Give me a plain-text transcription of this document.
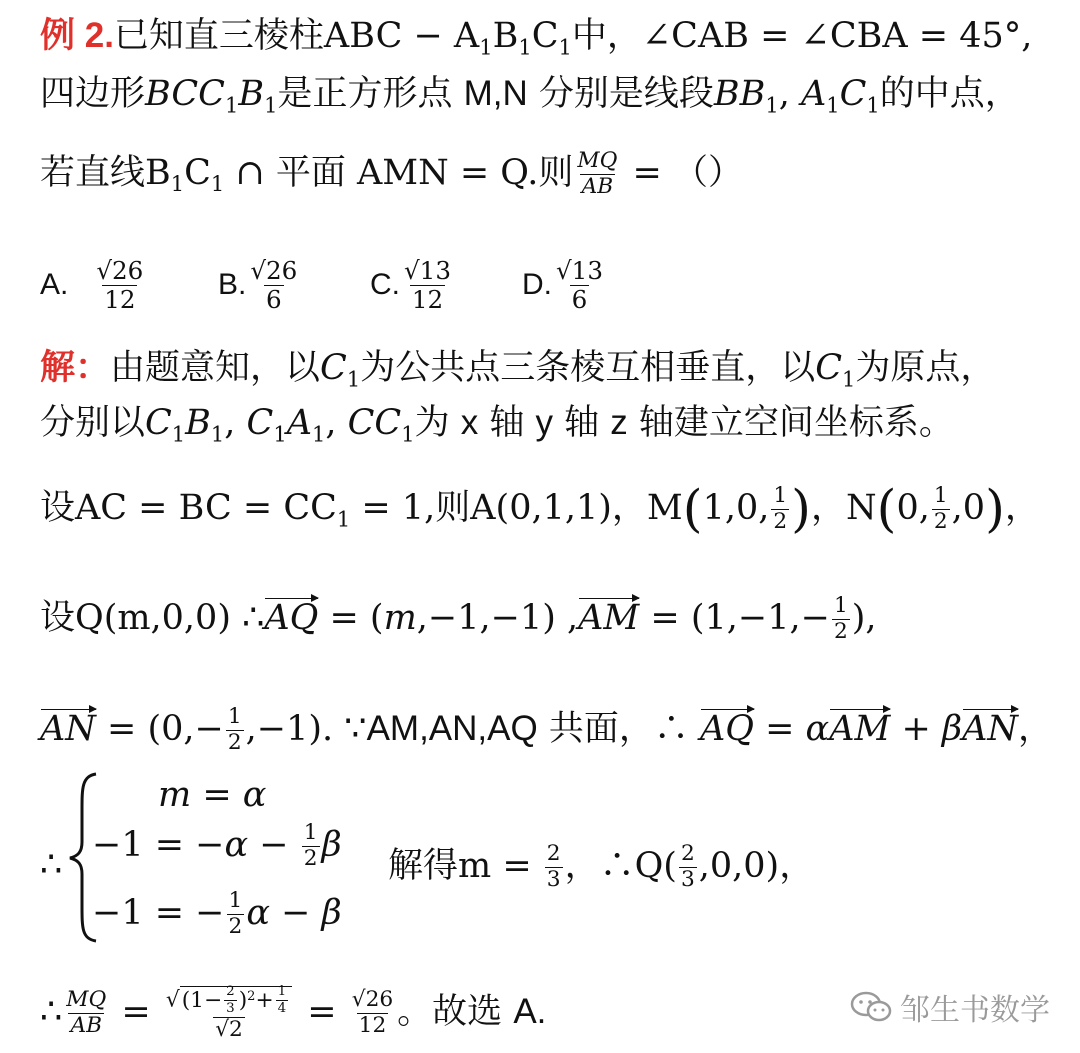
例 2.已知直三棱柱ABC − $A_1B_1C_1$中，∠CAB = ∠CBA = 45°,
四边形$BCC_1B_1$是正方形点 M,N 分别是线段$BB_1$, $A_1C_1$的中点，
若直线$B_1C_1$ ∩ 平面 AMN = Q.则 $\frac{MQ}{AB}$ = （）
A. $\frac{√26}{12} B$. $\frac{√26}{6} C$. $\frac{√13}{12} D$. $\frac{√13}{6}$
解：由题意知，以$C_1$为公共点三条棱互相垂直，以$C_1$为原点，
分别以$C_1B_1$, $C_1A_1$, $CC_1$为 x 轴 y 轴 z 轴建立空间坐标系。
设AC = BC = $CC_1 = 1$,则A(0,1,1)，M(1,0, $\frac{1}{2}$ )，N(0, $\frac{1}{2} ,0$)，
设Q(m,0,0) ∴AQ = (m,−1,−1) $,AM = (1,-1,- \frac{1}{2}$ ),
AN = $(0,- \frac{1}{2} ,-1)$. ∵AM,AN,AQ 共面，∴ AQ = αAM + βAN，
∴
m = α
$-1 = -\alpha - \frac{1}{2}$ β
−1 = − $\frac{1}{2}$ α − β
解得$m = \frac{2}{3}$ ，∴Q( $\frac{2}{3} ,0,0$)，
∴ $\frac{MQ}{AB} = \frac{√(1- \frac{2}{3} )^2+ \frac{1}{4}}{√2} = \frac{√26}{12}$ 。故选 A.	邹生书数学
